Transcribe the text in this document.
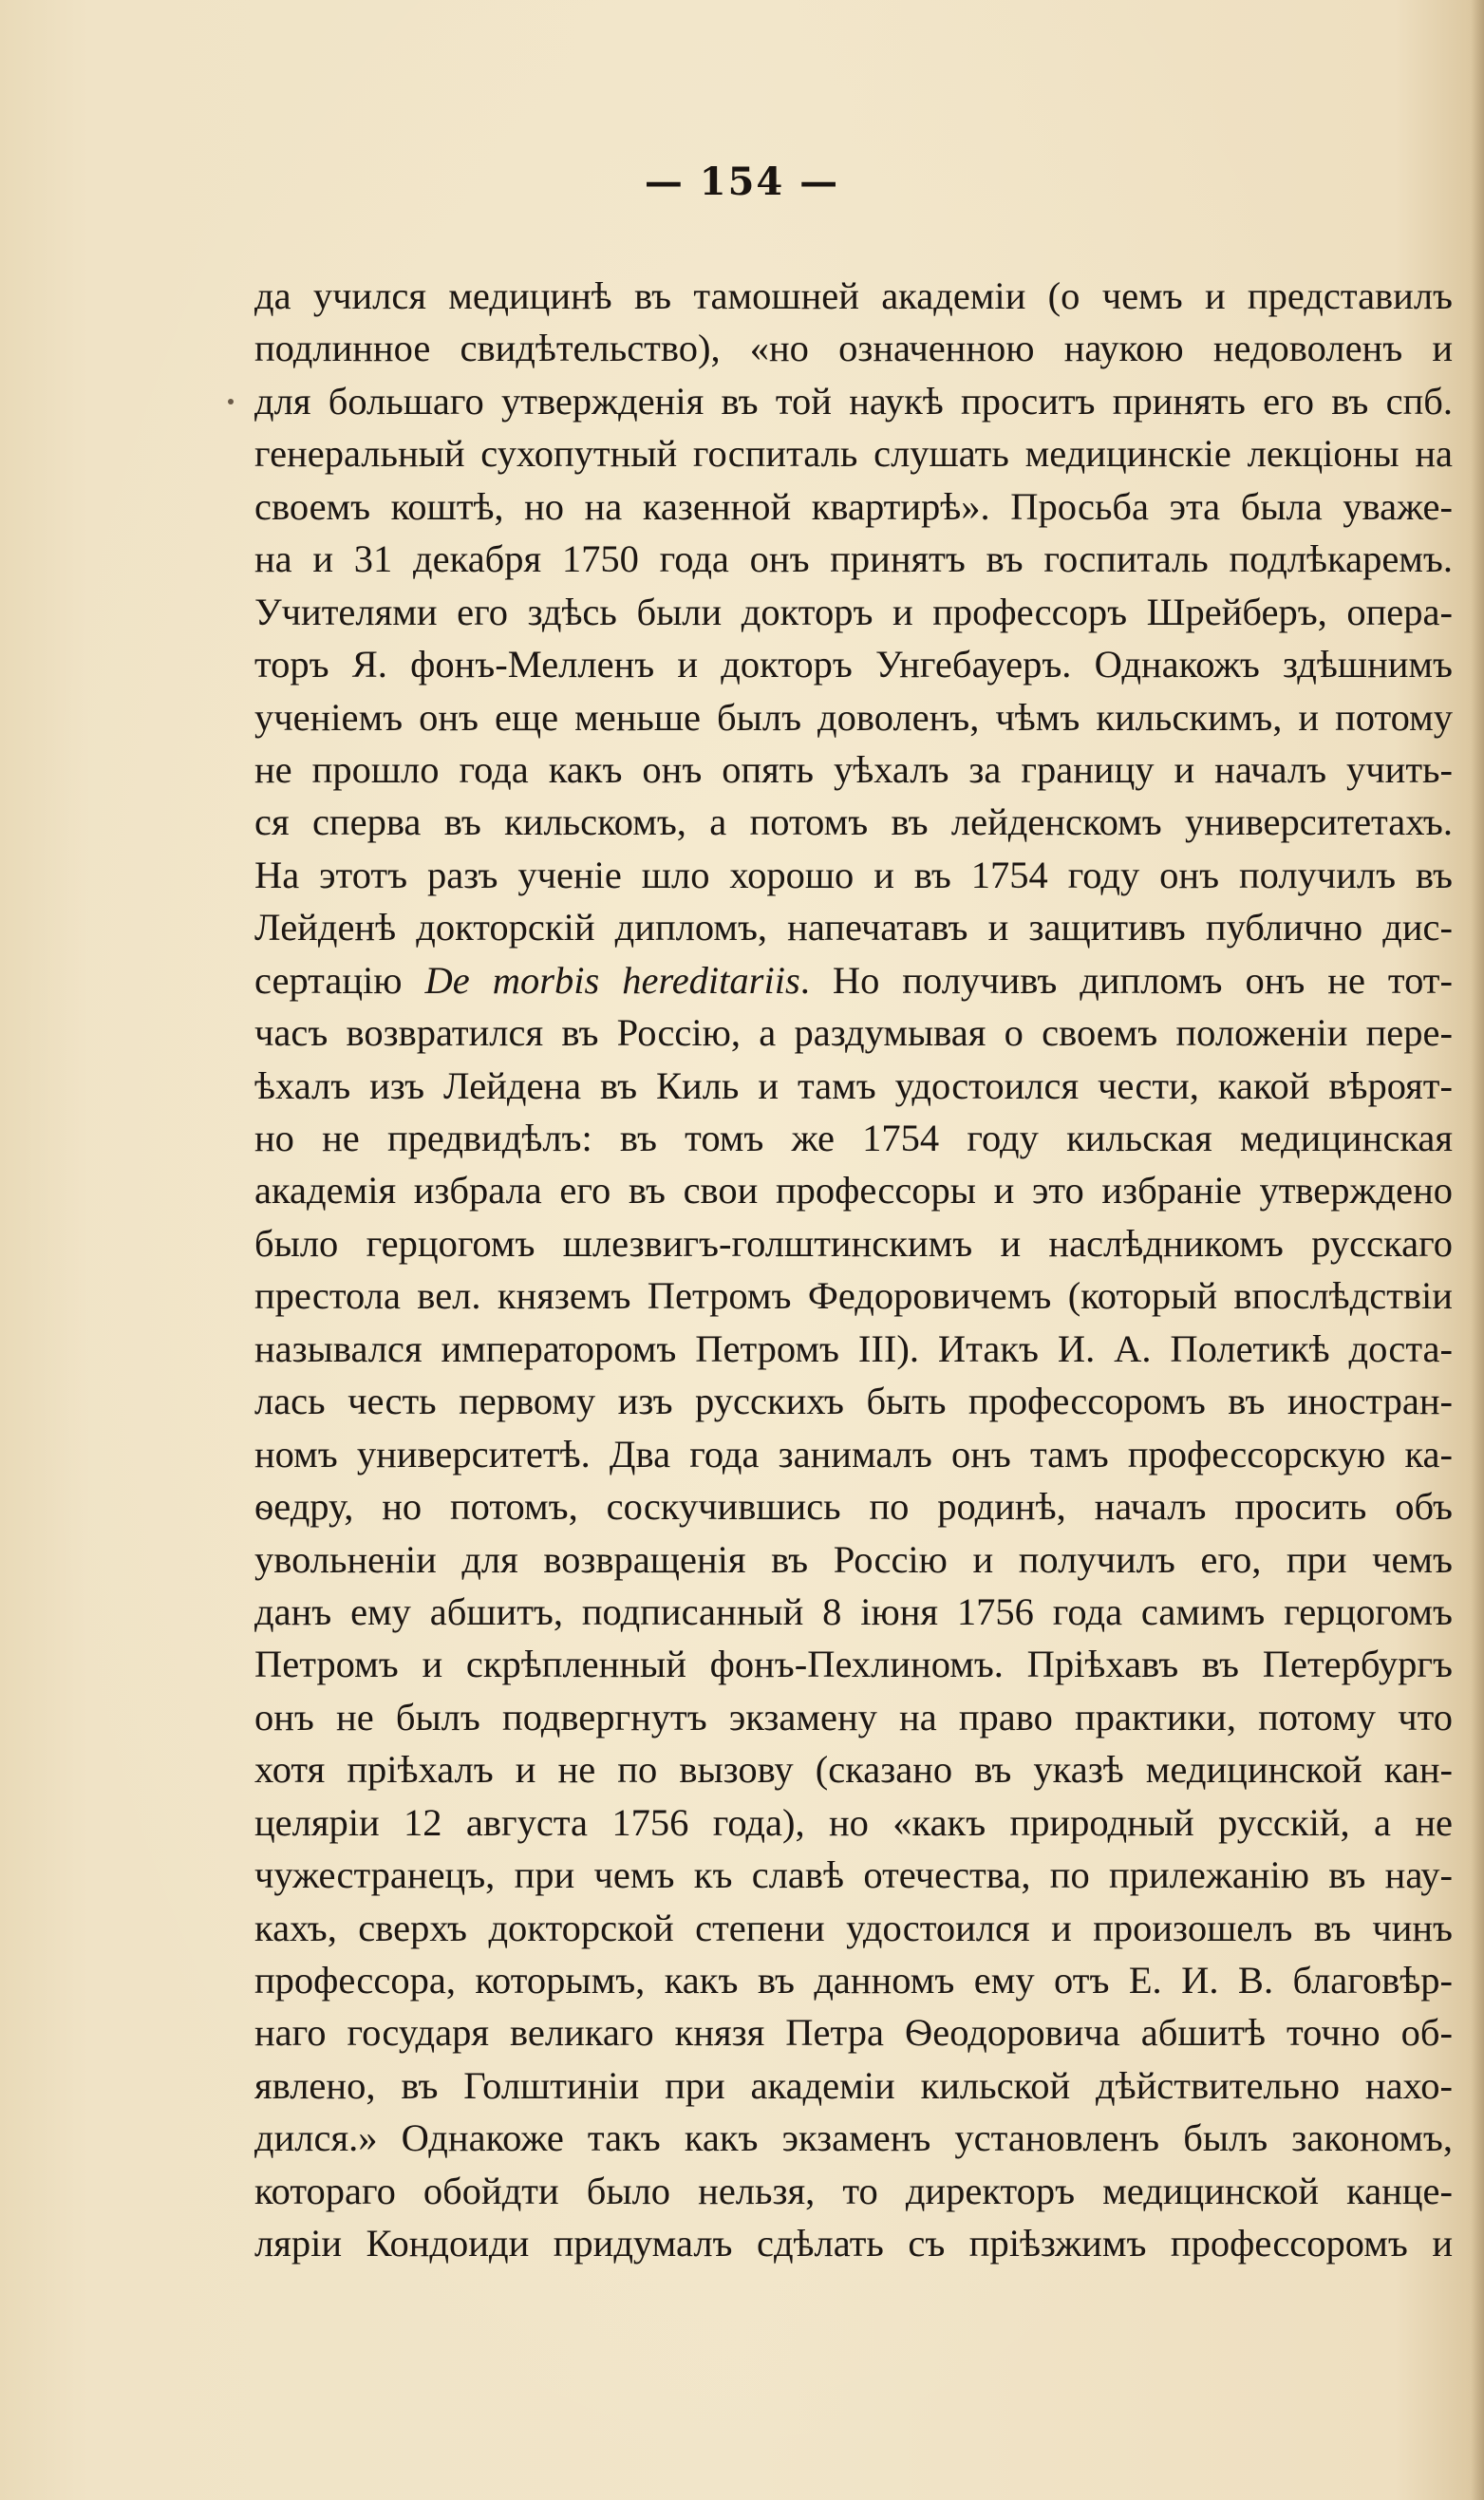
— 154 —
да учился медицинѣ въ тамошней академіи (о чемъ и представилъ
подлинное свидѣтельство), «но означенною наукою недоволенъ и
для большаго утвержденія въ той наукѣ проситъ принять его въ спб.
генеральный сухопутный госпиталь слушать медицинскіе лекціоны на
своемъ коштѣ, но на казенной квартирѣ». Просьба эта была уваже-
на и 31 декабря 1750 года онъ принятъ въ госпиталь подлѣкаремъ.
Учителями его здѣсь были докторъ и профессоръ Шрейберъ, опера-
торъ Я. фонъ-Мелленъ и докторъ Унгебауеръ. Однакожъ здѣшнимъ
ученіемъ онъ еще меньше былъ доволенъ, чѣмъ кильскимъ, и потому
не прошло года какъ онъ опять уѣхалъ за границу и началъ учить-
ся сперва въ кильскомъ, а потомъ въ лейденскомъ университетахъ.
На этотъ разъ ученіе шло хорошо и въ 1754 году онъ получилъ въ
Лейденѣ докторскій дипломъ, напечатавъ и защитивъ публично дис-
сертацію De morbis hereditariis. Но получивъ дипломъ онъ не тот-
часъ возвратился въ Россію, а раздумывая о своемъ положеніи пере-
ѣхалъ изъ Лейдена въ Киль и тамъ удостоился чести, какой вѣроят-
но не предвидѣлъ: въ томъ же 1754 году кильская медицинская
академія избрала его въ свои профессоры и это избраніе утверждено
было герцогомъ шлезвигъ-голштинскимъ и наслѣдникомъ русскаго
престола вел. княземъ Петромъ Федоровичемъ (который впослѣдствіи
назывался императоромъ Петромъ III). Итакъ И. А. Полетикѣ доста-
лась честь первому изъ русскихъ быть профессоромъ въ иностран-
номъ университетѣ. Два года занималъ онъ тамъ профессорскую ка-
ѳедру, но потомъ, соскучившись по родинѣ, началъ просить объ
увольненіи для возвращенія въ Россію и получилъ его, при чемъ
данъ ему абшитъ, подписанный 8 іюня 1756 года самимъ герцогомъ
Петромъ и скрѣпленный фонъ-Пехлиномъ. Пріѣхавъ въ Петербургъ
онъ не былъ подвергнутъ экзамену на право практики, потому что
хотя пріѣхалъ и не по вызову (сказано въ указѣ медицинской кан-
целяріи 12 августа 1756 года), но «какъ природный русскій, а не
чужестранецъ, при чемъ къ славѣ отечества, по прилежанію въ нау-
кахъ, сверхъ докторской степени удостоился и произошелъ въ чинъ
профессора, которымъ, какъ въ данномъ ему отъ Е. И. В. благовѣр-
наго государя великаго князя Петра Ѳеодоровича абшитѣ точно об-
явлено, въ Голштиніи при академіи кильской дѣйствительно нахо-
дился.» Однакоже такъ какъ экзаменъ установленъ былъ закономъ,
котораго обойдти было нельзя, то директоръ медицинской канце-
ляріи Кондоиди придумалъ сдѣлать съ пріѣзжимъ профессоромъ и
